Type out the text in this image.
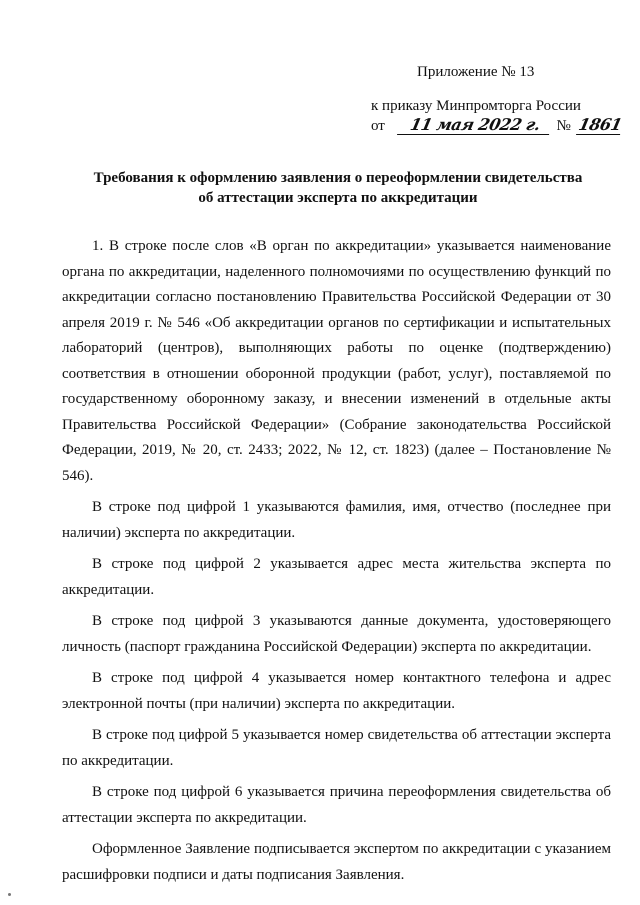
Приложение № 13
к приказу Минпромторга России
от 11 мая 2022 г. № 1861
Требования к оформлению заявления о переоформлении свидетельства
об аттестации эксперта по аккредитации

1. В строке после слов «В орган по аккредитации» указывается наименование органа по аккредитации, наделенного полномочиями по осуществлению функций по аккредитации согласно постановлению Правительства Российской Федерации от 30 апреля 2019 г. № 546 «Об аккредитации органов по сертификации и испытательных лабораторий (центров), выполняющих работы по оценке (подтверждению) соответствия в отношении оборонной продукции (работ, услуг), поставляемой по государственному оборонному заказу, и внесении изменений в отдельные акты Правительства Российской Федерации» (Собрание законодательства Российской Федерации, 2019, № 20, ст. 2433; 2022, № 12, ст. 1823) (далее – Постановление № 546).

В строке под цифрой 1 указываются фамилия, имя, отчество (последнее при наличии) эксперта по аккредитации.

В строке под цифрой 2 указывается адрес места жительства эксперта по аккредитации.

В строке под цифрой 3 указываются данные документа, удостоверяющего личность (паспорт гражданина Российской Федерации) эксперта по аккредитации.

В строке под цифрой 4 указывается номер контактного телефона и адрес электронной почты (при наличии) эксперта по аккредитации.

В строке под цифрой 5 указывается номер свидетельства об аттестации эксперта по аккредитации.

В строке под цифрой 6 указывается причина переоформления свидетельства об аттестации эксперта по аккредитации.

Оформленное Заявление подписывается экспертом по аккредитации с указанием расшифровки подписи и даты подписания Заявления.
